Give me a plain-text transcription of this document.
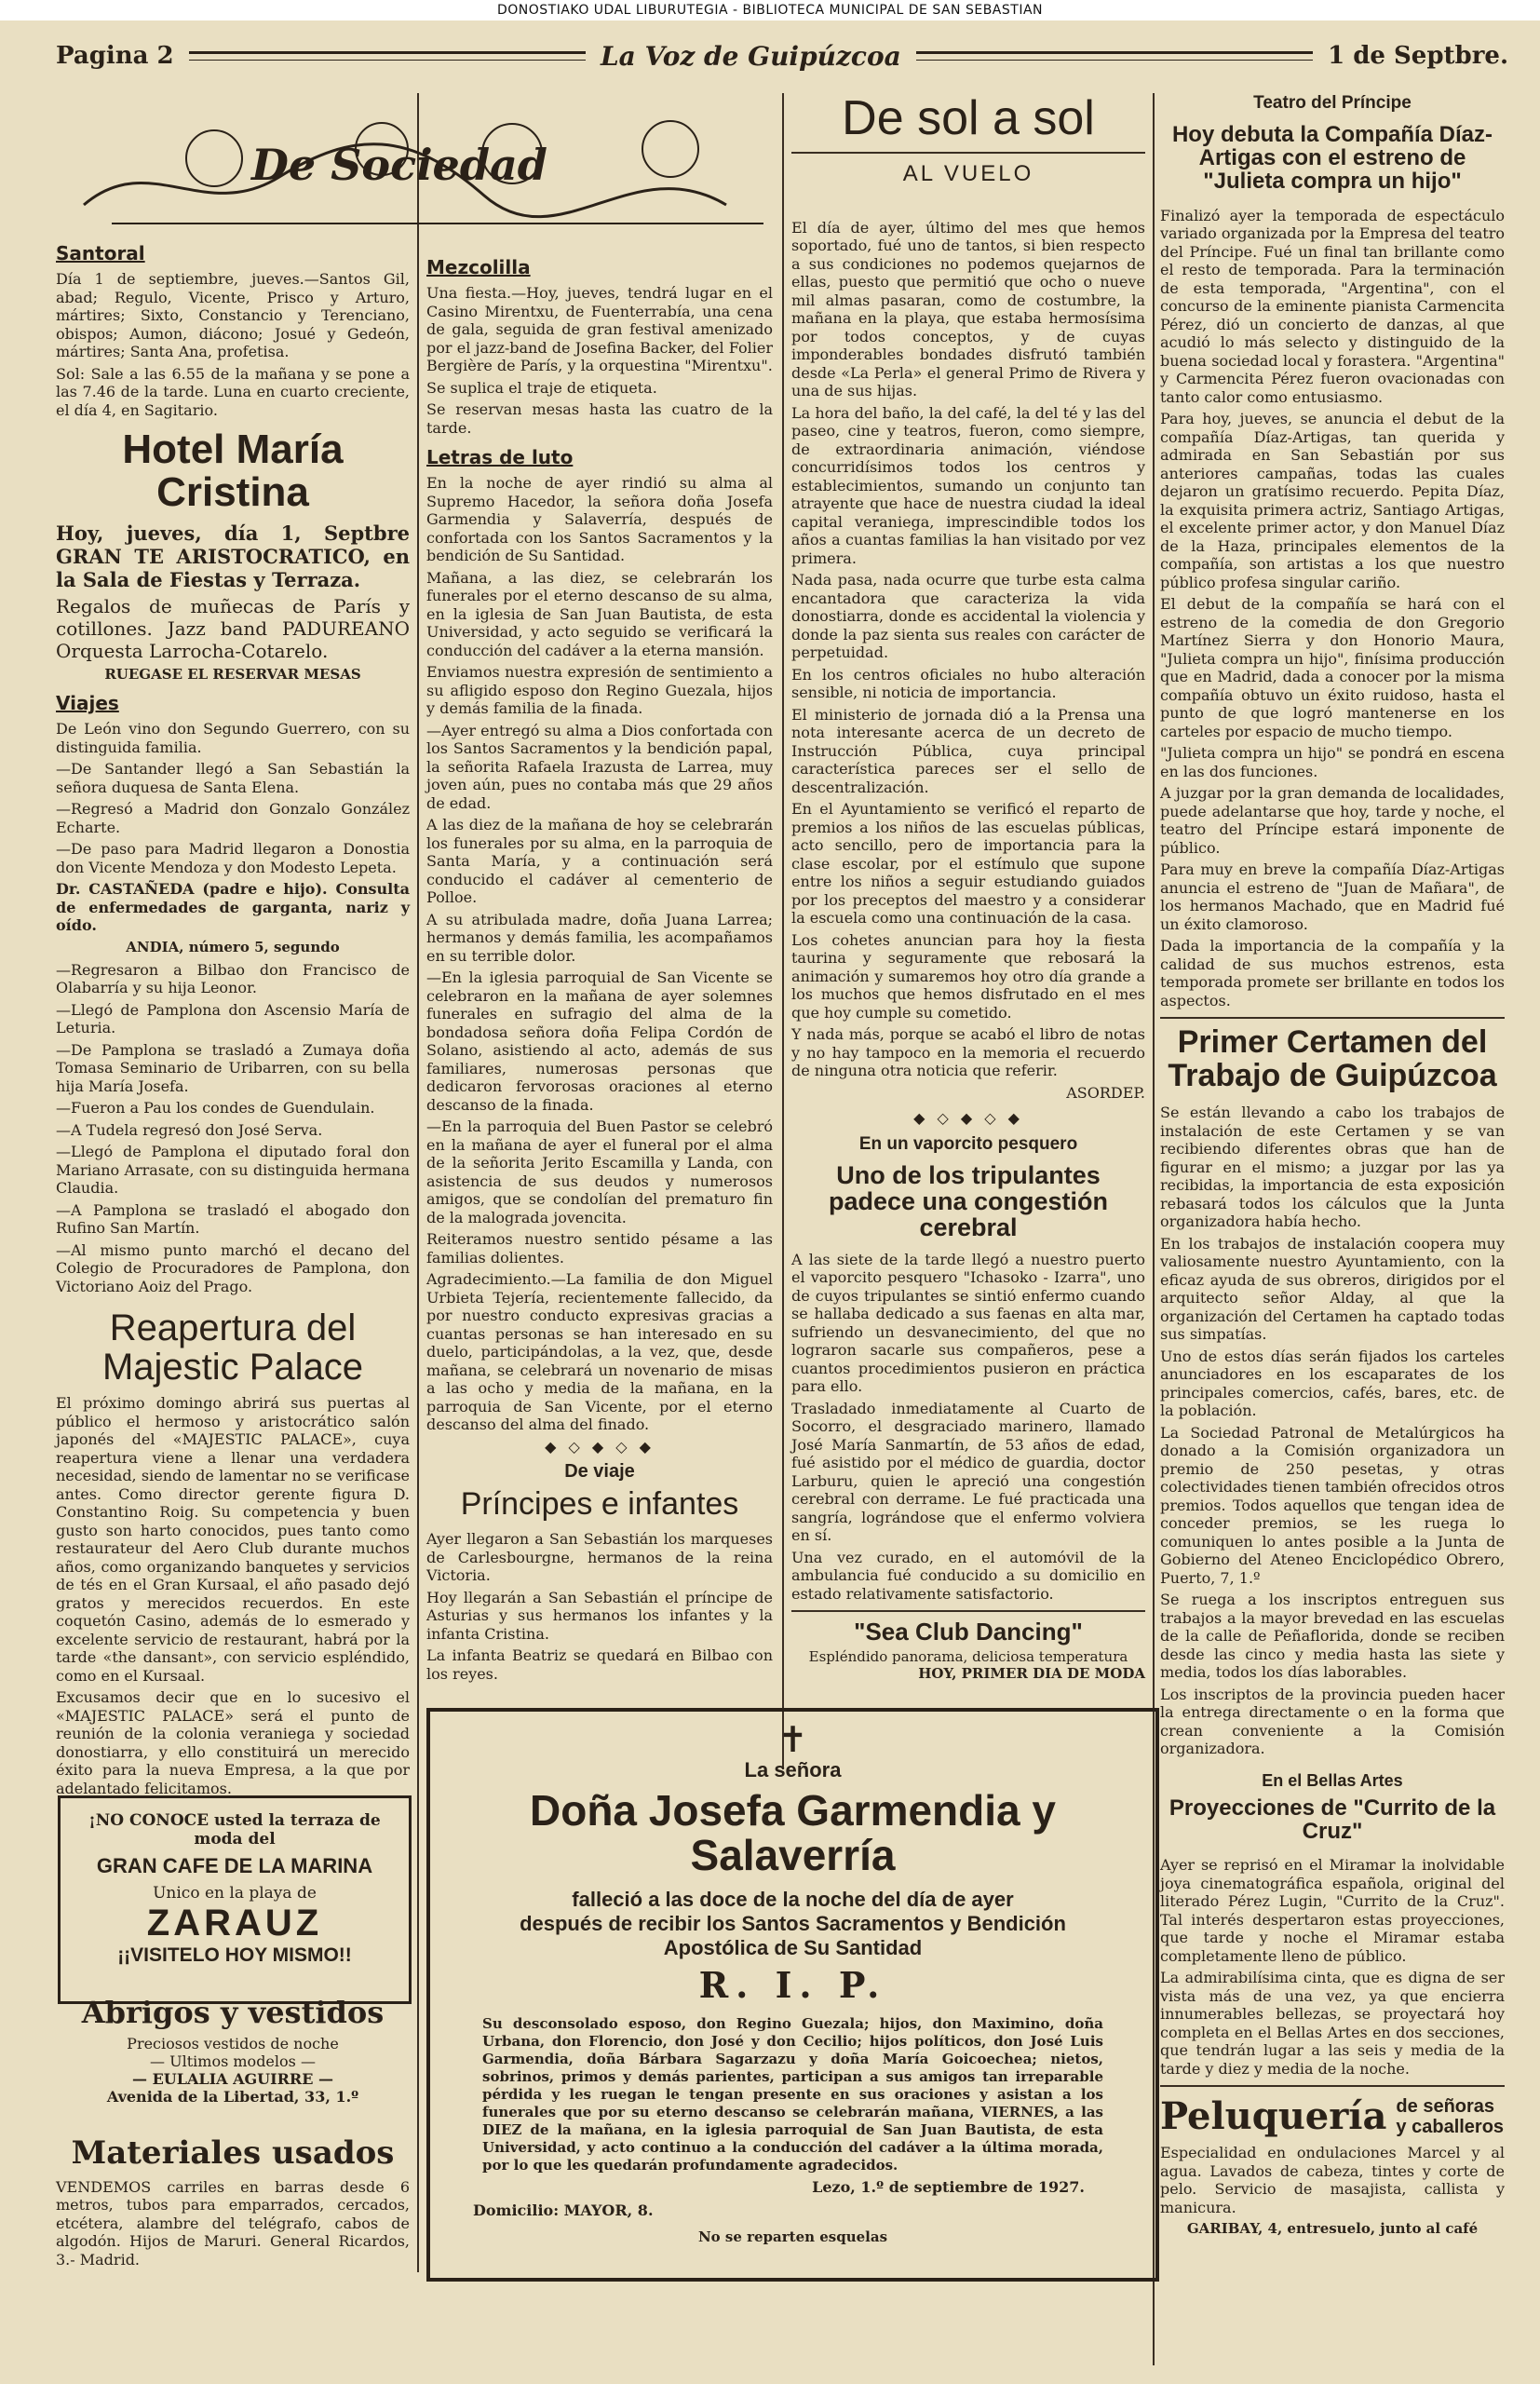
DONOSTIAKO UDAL LIBURUTEGIA - BIBLIOTECA MUNICIPAL DE SAN SEBASTIAN
Pagina 2	La Voz de Guipúzcoa	1 de Septbre.
De Sociedad
Santoral

Día 1 de septiembre, jueves.—Santos Gil, abad; Regulo, Vicente, Prisco y Arturo, mártires; Sixto, Constancio y Terenciano, obispos; Aumon, diácono; Josué y Gedeón, mártires; Santa Ana, profetisa.

Sol: Sale a las 6.55 de la mañana y se pone a las 7.46 de la tarde. Luna en cuarto creciente, el día 4, en Sagitario.

Hotel María Cristina

Hoy, jueves, día 1, Septbre GRAN TE ARISTOCRATICO, en la Sala de Fiestas y Terraza.

Regalos de muñecas de París y cotillones. Jazz band PADUREANO Orquesta Larrocha-Cotarelo.

RUEGASE EL RESERVAR MESAS
Viajes

De León vino don Segundo Guerrero, con su distinguida familia.

—De Santander llegó a San Sebastián la señora duquesa de Santa Elena.

—Regresó a Madrid don Gonzalo González Echarte.

—De paso para Madrid llegaron a Donostia don Vicente Mendoza y don Modesto Lepeta.

Dr. CASTAÑEDA (padre e hijo). Consulta de enfermedades de garganta, nariz y oído.

ANDIA, número 5, segundo

—Regresaron a Bilbao don Francisco de Olabarría y su hija Leonor.

—Llegó de Pamplona don Ascensio María de Leturia.

—De Pamplona se trasladó a Zumaya doña Tomasa Seminario de Uribarren, con su bella hija María Josefa.

—Fueron a Pau los condes de Guendulain.

—A Tudela regresó don José Serva.

—Llegó de Pamplona el diputado foral don Mariano Arrasate, con su distinguida hermana Claudia.

—A Pamplona se trasladó el abogado don Rufino San Martín.

—Al mismo punto marchó el decano del Colegio de Procuradores de Pamplona, don Victoriano Aoiz del Prago.

Reapertura del
Majestic Palace

El próximo domingo abrirá sus puertas al público el hermoso y aristocrático salón japonés del «MAJESTIC PALACE», cuya reapertura viene a llenar una verdadera necesidad, siendo de lamentar no se verificase antes. Como director gerente figura D. Constantino Roig. Su competencia y buen gusto son harto conocidos, pues tanto como restaurateur del Aero Club durante muchos años, como organizando banquetes y servicios de tés en el Gran Kursaal, el año pasado dejó gratos y merecidos recuerdos. En este coquetón Casino, además de lo esmerado y excelente servicio de restaurant, habrá por la tarde «the dansant», con servicio espléndido, como en el Kursaal.

Excusamos decir que en lo sucesivo el «MAJESTIC PALACE» será el punto de reunión de la colonia veraniega y sociedad donostiarra, y ello constituirá un merecido éxito para la nueva Empresa, a la que por adelantado felicitamos.

¡NO CONOCE usted la terraza de moda del
GRAN CAFE DE LA MARINA
Unico en la playa de
ZARAUZ
¡¡VISITELO HOY MISMO!!
Abrigos y vestidos
Preciosos vestidos de noche
— Ultimos modelos —
— EULALIA AGUIRRE —
Avenida de la Libertad, 33, 1.º
Materiales usados

VENDEMOS carriles en barras desde 6 metros, tubos para emparrados, cercados, etcétera, alambre del telégrafo, cabos de algodón. Hijos de Maruri. General Ricardos, 3.- Madrid.

Mezcolilla

Una fiesta.—Hoy, jueves, tendrá lugar en el Casino Mirentxu, de Fuenterrabía, una cena de gala, seguida de gran festival amenizado por el jazz-band de Josefina Backer, del Folier Bergière de París, y la orquestina "Mirentxu".

Se suplica el traje de etiqueta.

Se reservan mesas hasta las cuatro de la tarde.

Letras de luto

En la noche de ayer rindió su alma al Supremo Hacedor, la señora doña Josefa Garmendia y Salaverría, después de confortada con los Santos Sacramentos y la bendición de Su Santidad.

Mañana, a las diez, se celebrarán los funerales por el eterno descanso de su alma, en la iglesia de San Juan Bautista, de esta Universidad, y acto seguido se verificará la conducción del cadáver a la eterna mansión.

Enviamos nuestra expresión de sentimiento a su afligido esposo don Regino Guezala, hijos y demás familia de la finada.

—Ayer entregó su alma a Dios confortada con los Santos Sacramentos y la bendición papal, la señorita Rafaela Irazusta de Larrea, muy joven aún, pues no contaba más que 29 años de edad.

A las diez de la mañana de hoy se celebrarán los funerales por su alma, en la parroquia de Santa María, y a continuación será conducido el cadáver al cementerio de Polloe.

A su atribulada madre, doña Juana Larrea; hermanos y demás familia, les acompañamos en su terrible dolor.

—En la iglesia parroquial de San Vicente se celebraron en la mañana de ayer solemnes funerales en sufragio del alma de la bondadosa señora doña Felipa Cordón de Solano, asistiendo al acto, además de sus familiares, numerosas personas que dedicaron fervorosas oraciones al eterno descanso de la finada.

—En la parroquia del Buen Pastor se celebró en la mañana de ayer el funeral por el alma de la señorita Jerito Escamilla y Landa, con asistencia de sus deudos y numerosos amigos, que se condolían del prematuro fin de la malograda jovencita.

Reiteramos nuestro sentido pésame a las familias dolientes.

Agradecimiento.—La familia de don Miguel Urbieta Tejería, recientemente fallecido, da por nuestro conducto expresivas gracias a cuantas personas se han interesado en su duelo, participándolas, a la vez, que, desde mañana, se celebrará un novenario de misas a las ocho y media de la mañana, en la parroquia de San Vicente, por el eterno descanso del alma del finado.

◆ ◇ ◆ ◇ ◆
De viaje
Príncipes e infantes

Ayer llegaron a San Sebastián los marqueses de Carlesbourgne, hermanos de la reina Victoria.

Hoy llegarán a San Sebastián el príncipe de Asturias y sus hermanos los infantes y la infanta Cristina.

La infanta Beatriz se quedará en Bilbao con los reyes.

De sol a sol
AL VUELO

El día de ayer, último del mes que hemos soportado, fué uno de tantos, si bien respecto a sus condiciones no podemos quejarnos de ellas, puesto que permitió que ocho o nueve mil almas pasaran, como de costumbre, la mañana en la playa, que estaba hermosísima por todos conceptos, y de cuyas imponderables bondades disfrutó también desde «La Perla» el general Primo de Rivera y una de sus hijas.

La hora del baño, la del café, la del té y las del paseo, cine y teatros, fueron, como siempre, de extraordinaria animación, viéndose concurridísimos todos los centros y establecimientos, sumando un conjunto tan atrayente que hace de nuestra ciudad la ideal capital veraniega, imprescindible todos los años a cuantas familias la han visitado por vez primera.

Nada pasa, nada ocurre que turbe esta calma encantadora que caracteriza la vida donostiarra, donde es accidental la violencia y donde la paz sienta sus reales con carácter de perpetuidad.

En los centros oficiales no hubo alteración sensible, ni noticia de importancia.

El ministerio de jornada dió a la Prensa una nota interesante acerca de un decreto de Instrucción Pública, cuya principal característica pareces ser el sello de descentralización.

En el Ayuntamiento se verificó el reparto de premios a los niños de las escuelas públicas, acto sencillo, pero de importancia para la clase escolar, por el estímulo que supone entre los niños a seguir estudiando guiados por los preceptos del maestro y a considerar la escuela como una continuación de la casa.

Los cohetes anuncian para hoy la fiesta taurina y seguramente que rebosará la animación y sumaremos hoy otro día grande a los muchos que hemos disfrutado en el mes que hoy cumple su cometido.

Y nada más, porque se acabó el libro de notas y no hay tampoco en la memoria el recuerdo de ninguna otra noticia que referir.

ASORDEP.
◆ ◇ ◆ ◇ ◆
En un vaporcito pesquero
Uno de los tripulantes padece una congestión cerebral

A las siete de la tarde llegó a nuestro puerto el vaporcito pesquero "Ichasoko - Izarra", uno de cuyos tripulantes se sintió enfermo cuando se hallaba dedicado a sus faenas en alta mar, sufriendo un desvanecimiento, del que no lograron sacarle sus compañeros, pese a cuantos procedimientos pusieron en práctica para ello.

Trasladado inmediatamente al Cuarto de Socorro, el desgraciado marinero, llamado José María Sanmartín, de 53 años de edad, fué asistido por el médico de guardia, doctor Larburu, quien le apreció una congestión cerebral con derrame. Le fué practicada una sangría, lográndose que el enfermo volviera en sí.

Una vez curado, en el automóvil de la ambulancia fué conducido a su domicilio en estado relativamente satisfactorio.

"Sea Club Dancing"
Espléndido panorama, deliciosa temperatura
HOY, PRIMER DIA DE MODA
Teatro del Príncipe
Hoy debuta la Compañía Díaz-Artigas con el estreno de "Julieta compra un hijo"

Finalizó ayer la temporada de espectáculo variado organizada por la Empresa del teatro del Príncipe. Fué un final tan brillante como el resto de temporada. Para la terminación de esta temporada, "Argentina", con el concurso de la eminente pianista Carmencita Pérez, dió un concierto de danzas, al que acudió lo más selecto y distinguido de la buena sociedad local y forastera. "Argentina" y Carmencita Pérez fueron ovacionadas con tanto calor como entusiasmo.

Para hoy, jueves, se anuncia el debut de la compañía Díaz-Artigas, tan querida y admirada en San Sebastián por sus anteriores campañas, todas las cuales dejaron un gratísimo recuerdo. Pepita Díaz, la exquisita primera actriz, Santiago Artigas, el excelente primer actor, y don Manuel Díaz de la Haza, principales elementos de la compañía, son artistas a los que nuestro público profesa singular cariño.

El debut de la compañía se hará con el estreno de la comedia de don Gregorio Martínez Sierra y don Honorio Maura, "Julieta compra un hijo", finísima producción que en Madrid, dada a conocer por la misma compañía obtuvo un éxito ruidoso, hasta el punto de que logró mantenerse en los carteles por espacio de mucho tiempo.

"Julieta compra un hijo" se pondrá en escena en las dos funciones.

A juzgar por la gran demanda de localidades, puede adelantarse que hoy, tarde y noche, el teatro del Príncipe estará imponente de público.

Para muy en breve la compañía Díaz-Artigas anuncia el estreno de "Juan de Mañara", de los hermanos Machado, que en Madrid fué un éxito clamoroso.

Dada la importancia de la compañía y la calidad de sus muchos estrenos, esta temporada promete ser brillante en todos los aspectos.

Primer Certamen del Trabajo de Guipúzcoa

Se están llevando a cabo los trabajos de instalación de este Certamen y se van recibiendo diferentes obras que han de figurar en el mismo; a juzgar por las ya recibidas, la importancia de esta exposición rebasará todos los cálculos que la Junta organizadora había hecho.

En los trabajos de instalación coopera muy valiosamente nuestro Ayuntamiento, con la eficaz ayuda de sus obreros, dirigidos por el arquitecto señor Alday, al que la organización del Certamen ha captado todas sus simpatías.

Uno de estos días serán fijados los carteles anunciadores en los escaparates de los principales comercios, cafés, bares, etc. de la población.

La Sociedad Patronal de Metalúrgicos ha donado a la Comisión organizadora un premio de 250 pesetas, y otras colectividades tienen también ofrecidos otros premios. Todos aquellos que tengan idea de conceder premios, se les ruega lo comuniquen lo antes posible a la Junta de Gobierno del Ateneo Enciclopédico Obrero, Puerto, 7, 1.º

Se ruega a los inscriptos entreguen sus trabajos a la mayor brevedad en las escuelas de la calle de Peñaflorida, donde se reciben desde las cinco y media hasta las siete y media, todos los días laborables.

Los inscriptos de la provincia pueden hacer la entrega directamente o en la forma que crean conveniente a la Comisión organizadora.

En el Bellas Artes
Proyecciones de "Currito de la Cruz"

Ayer se reprisó en el Miramar la inolvidable joya cinematográfica española, original del literado Pérez Lugin, "Currito de la Cruz". Tal interés despertaron estas proyecciones, que tarde y noche el Miramar estaba completamente lleno de público.

La admirabilísima cinta, que es digna de ser vista más de una vez, ya que encierra innumerables bellezas, se proyectará hoy completa en el Bellas Artes en dos secciones, que tendrán lugar a las seis y media de la tarde y diez y media de la noche.

Peluquería de señoras y caballeros

Especialidad en ondulaciones Marcel y al agua. Lavados de cabeza, tintes y corte de pelo. Servicio de masajista, callista y manicura.

GARIBAY, 4, entresuelo, junto al café
✝
La señora
Doña Josefa Garmendia y Salaverría
falleció a las doce de la noche del día de ayer
después de recibir los Santos Sacramentos y Bendición
Apostólica de Su Santidad
R. I. P.

Su desconsolado esposo, don Regino Guezala; hijos, don Maximino, doña Urbana, don Florencio, don José y don Cecilio; hijos políticos, don José Luis Garmendia, doña Bárbara Sagarzazu y doña María Goicoechea; nietos, sobrinos, primos y demás parientes, participan a sus amigos tan irreparable pérdida y les ruegan le tengan presente en sus oraciones y asistan a los funerales que por su eterno descanso se celebrarán mañana, VIERNES, a las DIEZ de la mañana, en la iglesia parroquial de San Juan Bautista, de esta Universidad, y acto continuo a la conducción del cadáver a la última morada, por lo que les quedarán profundamente agradecidos.

Lezo, 1.º de septiembre de 1927.
Domicilio: MAYOR, 8.
No se reparten esquelas
